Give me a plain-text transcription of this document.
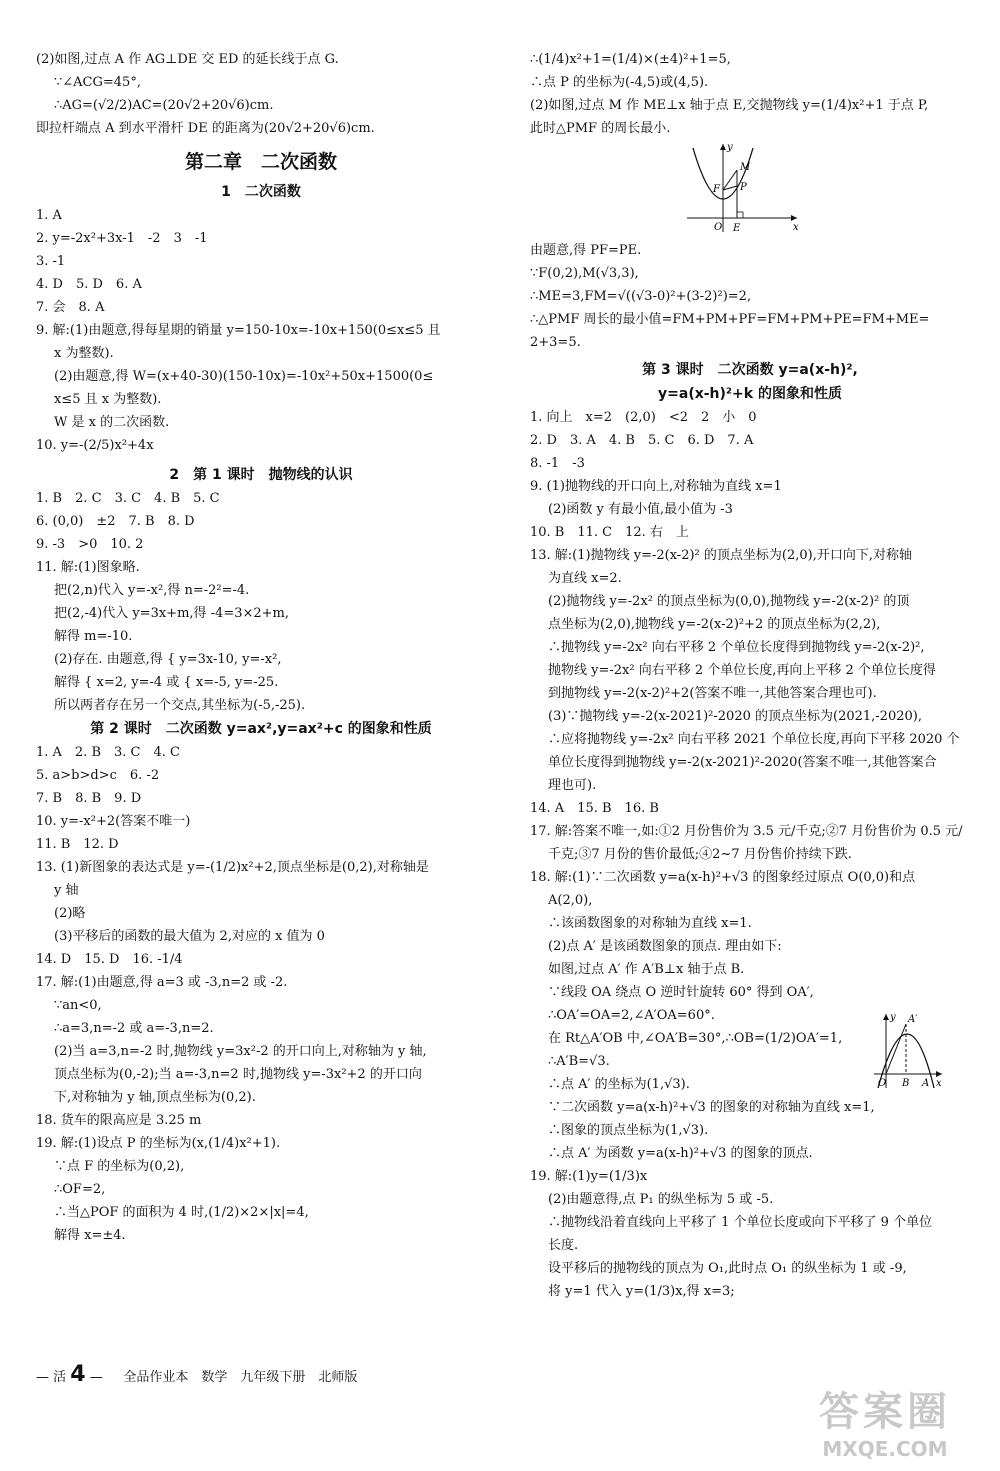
(2)如图,过点 A 作 AG⊥DE 交 ED 的延长线于点 G.
∵∠ACG=45°,
∴AG=(√2/2)AC=(20√2+20√6)cm.
即拉杆端点 A 到水平滑杆 DE 的距离为(20√2+20√6)cm.
第二章　二次函数
1　二次函数
1. A
2. y=-2x²+3x-1　-2　3　-1
3. -1
4. D　5. D　6. A
7. 会　8. A
9. 解:(1)由题意,得每星期的销量 y=150-10x=-10x+150(0≤x≤5 且
x 为整数).
(2)由题意,得 W=(x+40-30)(150-10x)=-10x²+50x+1500(0≤
x≤5 且 x 为整数).
W 是 x 的二次函数.
10. y=-(2/5)x²+4x
2　第 1 课时　抛物线的认识
1. B　2. C　3. C　4. B　5. C
6. (0,0)　±2　7. B　8. D
9. -3　>0　10. 2
11. 解:(1)图象略.
把(2,n)代入 y=-x²,得 n=-2²=-4.
把(2,-4)代入 y=3x+m,得 -4=3×2+m,
解得 m=-10.
(2)存在. 由题意,得 { y=3x-10, y=-x²,
解得 { x=2, y=-4 或 { x=-5, y=-25.
所以两者存在另一个交点,其坐标为(-5,-25).
第 2 课时　二次函数 y=ax²,y=ax²+c 的图象和性质
1. A　2. B　3. C　4. C
5. a>b>d>c　6. -2
7. B　8. B　9. D
10. y=-x²+2(答案不唯一)
11. B　12. D
13. (1)新图象的表达式是 y=-(1/2)x²+2,顶点坐标是(0,2),对称轴是
y 轴
(2)略
(3)平移后的函数的最大值为 2,对应的 x 值为 0
14. D　15. D　16. -1/4
17. 解:(1)由题意,得 a=3 或 -3,n=2 或 -2.
∵an<0,
∴a=3,n=-2 或 a=-3,n=2.
(2)当 a=3,n=-2 时,抛物线 y=3x²-2 的开口向上,对称轴为 y 轴,
顶点坐标为(0,-2);当 a=-3,n=2 时,抛物线 y=-3x²+2 的开口向
下,对称轴为 y 轴,顶点坐标为(0,2).
18. 货车的限高应是 3.25 m
19. 解:(1)设点 P 的坐标为(x,(1/4)x²+1).
∵点 F 的坐标为(0,2),
∴OF=2,
∴当△POF 的面积为 4 时,(1/2)×2×|x|=4,
解得 x=±4.
∴(1/4)x²+1=(1/4)×(±4)²+1=5,
∴点 P 的坐标为(-4,5)或(4,5).
(2)如图,过点 M 作 ME⊥x 轴于点 E,交抛物线 y=(1/4)x²+1 于点 P,
此时△PMF 的周长最小.
y
M
F P
O E	x
由题意,得 PF=PE.
∵F(0,2),M(√3,3),
∴ME=3,FM=√((√3-0)²+(3-2)²)=2,
∴△PMF 周长的最小值=FM+PM+PF=FM+PM+PE=FM+ME=
2+3=5.
第 3 课时　二次函数 y=a(x-h)²,
y=a(x-h)²+k 的图象和性质
1. 向上　x=2　(2,0)　<2　2　小　0
2. D　3. A　4. B　5. C　6. D　7. A
8. -1　-3
9. (1)抛物线的开口向上,对称轴为直线 x=1
(2)函数 y 有最小值,最小值为 -3
10. B　11. C　12. 右　上
13. 解:(1)抛物线 y=-2(x-2)² 的顶点坐标为(2,0),开口向下,对称轴
为直线 x=2.
(2)抛物线 y=-2x² 的顶点坐标为(0,0),抛物线 y=-2(x-2)² 的顶
点坐标为(2,0),抛物线 y=-2(x-2)²+2 的顶点坐标为(2,2),
∴抛物线 y=-2x² 向右平移 2 个单位长度得到抛物线 y=-2(x-2)²,
抛物线 y=-2x² 向右平移 2 个单位长度,再向上平移 2 个单位长度得
到抛物线 y=-2(x-2)²+2(答案不唯一,其他答案合理也可).
(3)∵抛物线 y=-2(x-2021)²-2020 的顶点坐标为(2021,-2020),
∴应将抛物线 y=-2x² 向右平移 2021 个单位长度,再向下平移 2020 个
单位长度得到抛物线 y=-2(x-2021)²-2020(答案不唯一,其他答案合
理也可).
14. A　15. B　16. B
17. 解:答案不唯一,如:①2 月份售价为 3.5 元/千克;②7 月份售价为 0.5 元/
千克;③7 月份的售价最低;④2~7 月份售价持续下跌.
18. 解:(1)∵二次函数 y=a(x-h)²+√3 的图象经过原点 O(0,0)和点
A(2,0),
∴该函数图象的对称轴为直线 x=1.
(2)点 A′ 是该函数图象的顶点. 理由如下:
如图,过点 A′ 作 A′B⊥x 轴于点 B.
∵线段 OA 绕点 O 逆时针旋转 60° 得到 OA′,
∴OA′=OA=2,∠A′OA=60°.
在 Rt△A′OB 中,∠OA′B=30°,∴OB=(1/2)OA′=1,
∴A′B=√3.
∴点 A′ 的坐标为(1,√3).
∵二次函数 y=a(x-h)²+√3 的图象的对称轴为直线 x=1,
∴图象的顶点坐标为(1,√3).
∴点 A′ 为函数 y=a(x-h)²+√3 的图象的顶点.
19. 解:(1)y=(1/3)x
(2)由题意得,点 P₁ 的纵坐标为 5 或 -5.
∴抛物线沿着直线向上平移了 1 个单位长度或向下平移了 9 个单位
长度.
设平移后的抛物线的顶点为 O₁,此时点 O₁ 的纵坐标为 1 或 -9,
将 y=1 代入 y=(1/3)x,得 x=3;
y A′
O B A x
— 活 4 — 全品作业本　数学　九年级下册　北师版
答案圈
MXQE.COM
